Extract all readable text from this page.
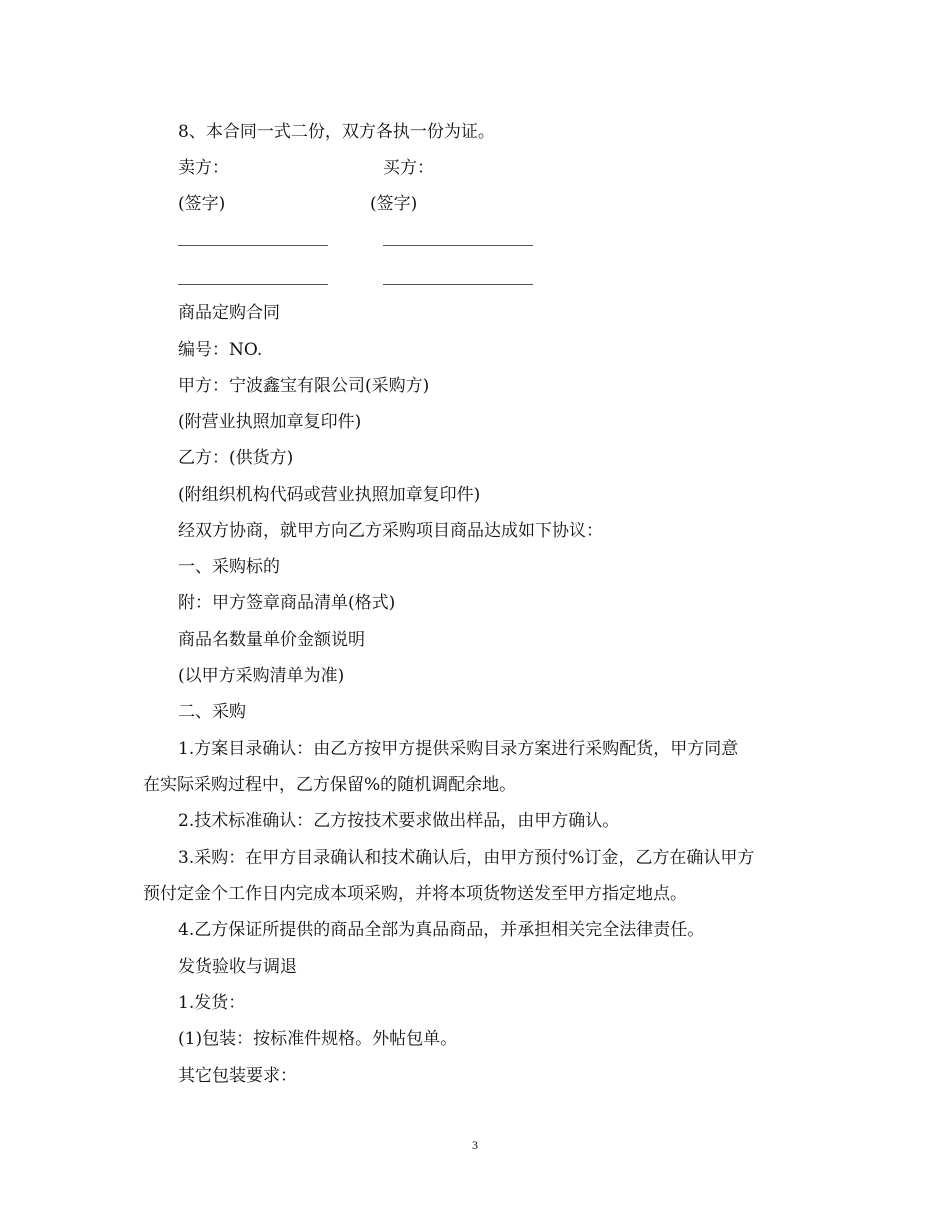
8、本合同一式二份，双方各执一份为证。
卖方：	买方：
(签字)	(签字)
商品定购合同
编号：NO.
甲方：宁波鑫宝有限公司(采购方)
(附营业执照加章复印件)
乙方：(供货方)
(附组织机构代码或营业执照加章复印件)
经双方协商，就甲方向乙方采购项目商品达成如下协议：
一、采购标的
附：甲方签章商品清单(格式)
商品名数量单价金额说明
(以甲方采购清单为准)
二、采购
1.方案目录确认：由乙方按甲方提供采购目录方案进行采购配货，甲方同意
在实际采购过程中，乙方保留%的随机调配余地。
2.技术标准确认：乙方按技术要求做出样品，由甲方确认。
3.采购：在甲方目录确认和技术确认后，由甲方预付%订金，乙方在确认甲方
预付定金个工作日内完成本项采购，并将本项货物送发至甲方指定地点。
4.乙方保证所提供的商品全部为真品商品，并承担相关完全法律责任。
发货验收与调退
1.发货：
(1)包装：按标准件规格。外帖包单。
其它包装要求：
3
